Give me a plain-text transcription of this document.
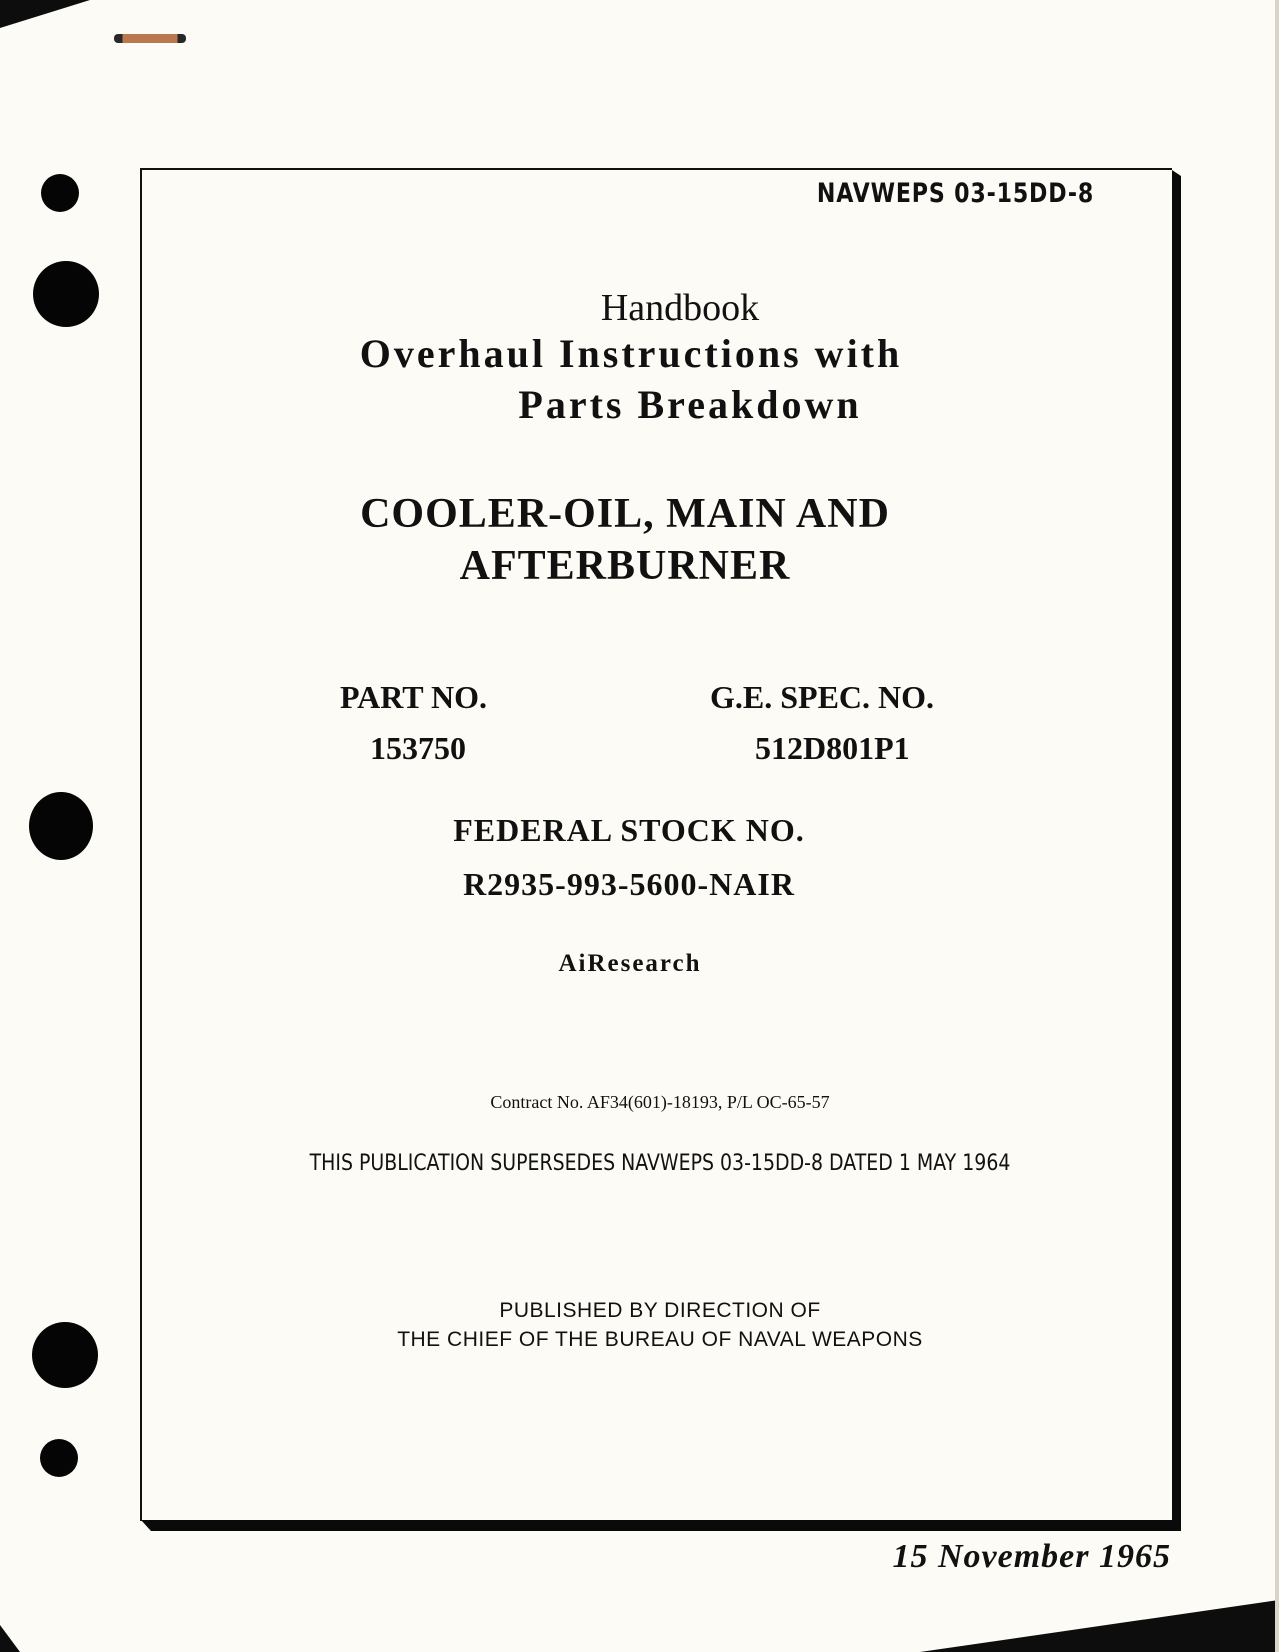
NAVWEPS 03-15DD-8
Handbook
Overhaul Instructions with
Parts Breakdown
COOLER-OIL, MAIN AND
AFTERBURNER
PART NO.
153750
G.E. SPEC. NO.
512D801P1
FEDERAL STOCK NO.
R2935-993-5600-NAIR
AiResearch
Contract No. AF34(601)-18193, P/L OC-65-57
THIS PUBLICATION SUPERSEDES NAVWEPS 03-15DD-8 DATED 1 MAY 1964
PUBLISHED BY DIRECTION OF
THE CHIEF OF THE BUREAU OF NAVAL WEAPONS
15 November 1965
